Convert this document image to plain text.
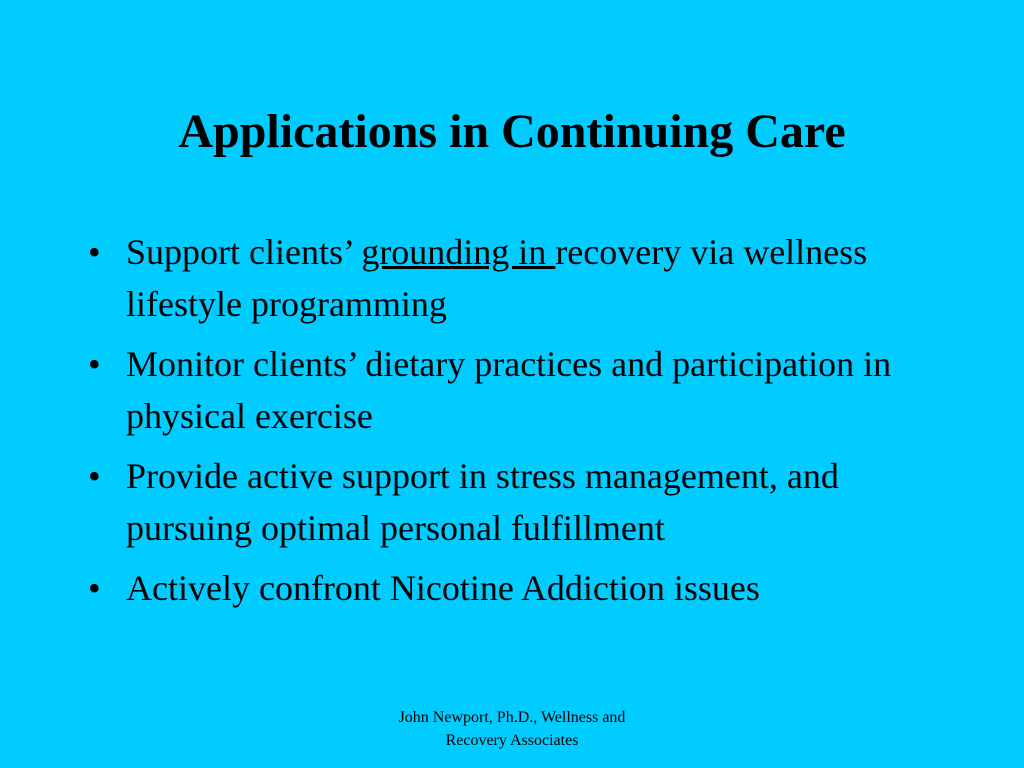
Applications in Continuing Care
• Support clients’ grounding in recovery via wellness lifestyle programming
• Monitor clients’ dietary practices and participation in physical exercise
• Provide active support in stress management, and pursuing optimal personal fulfillment
• Actively confront Nicotine Addiction issues
John Newport, Ph.D., Wellness and
Recovery Associates
